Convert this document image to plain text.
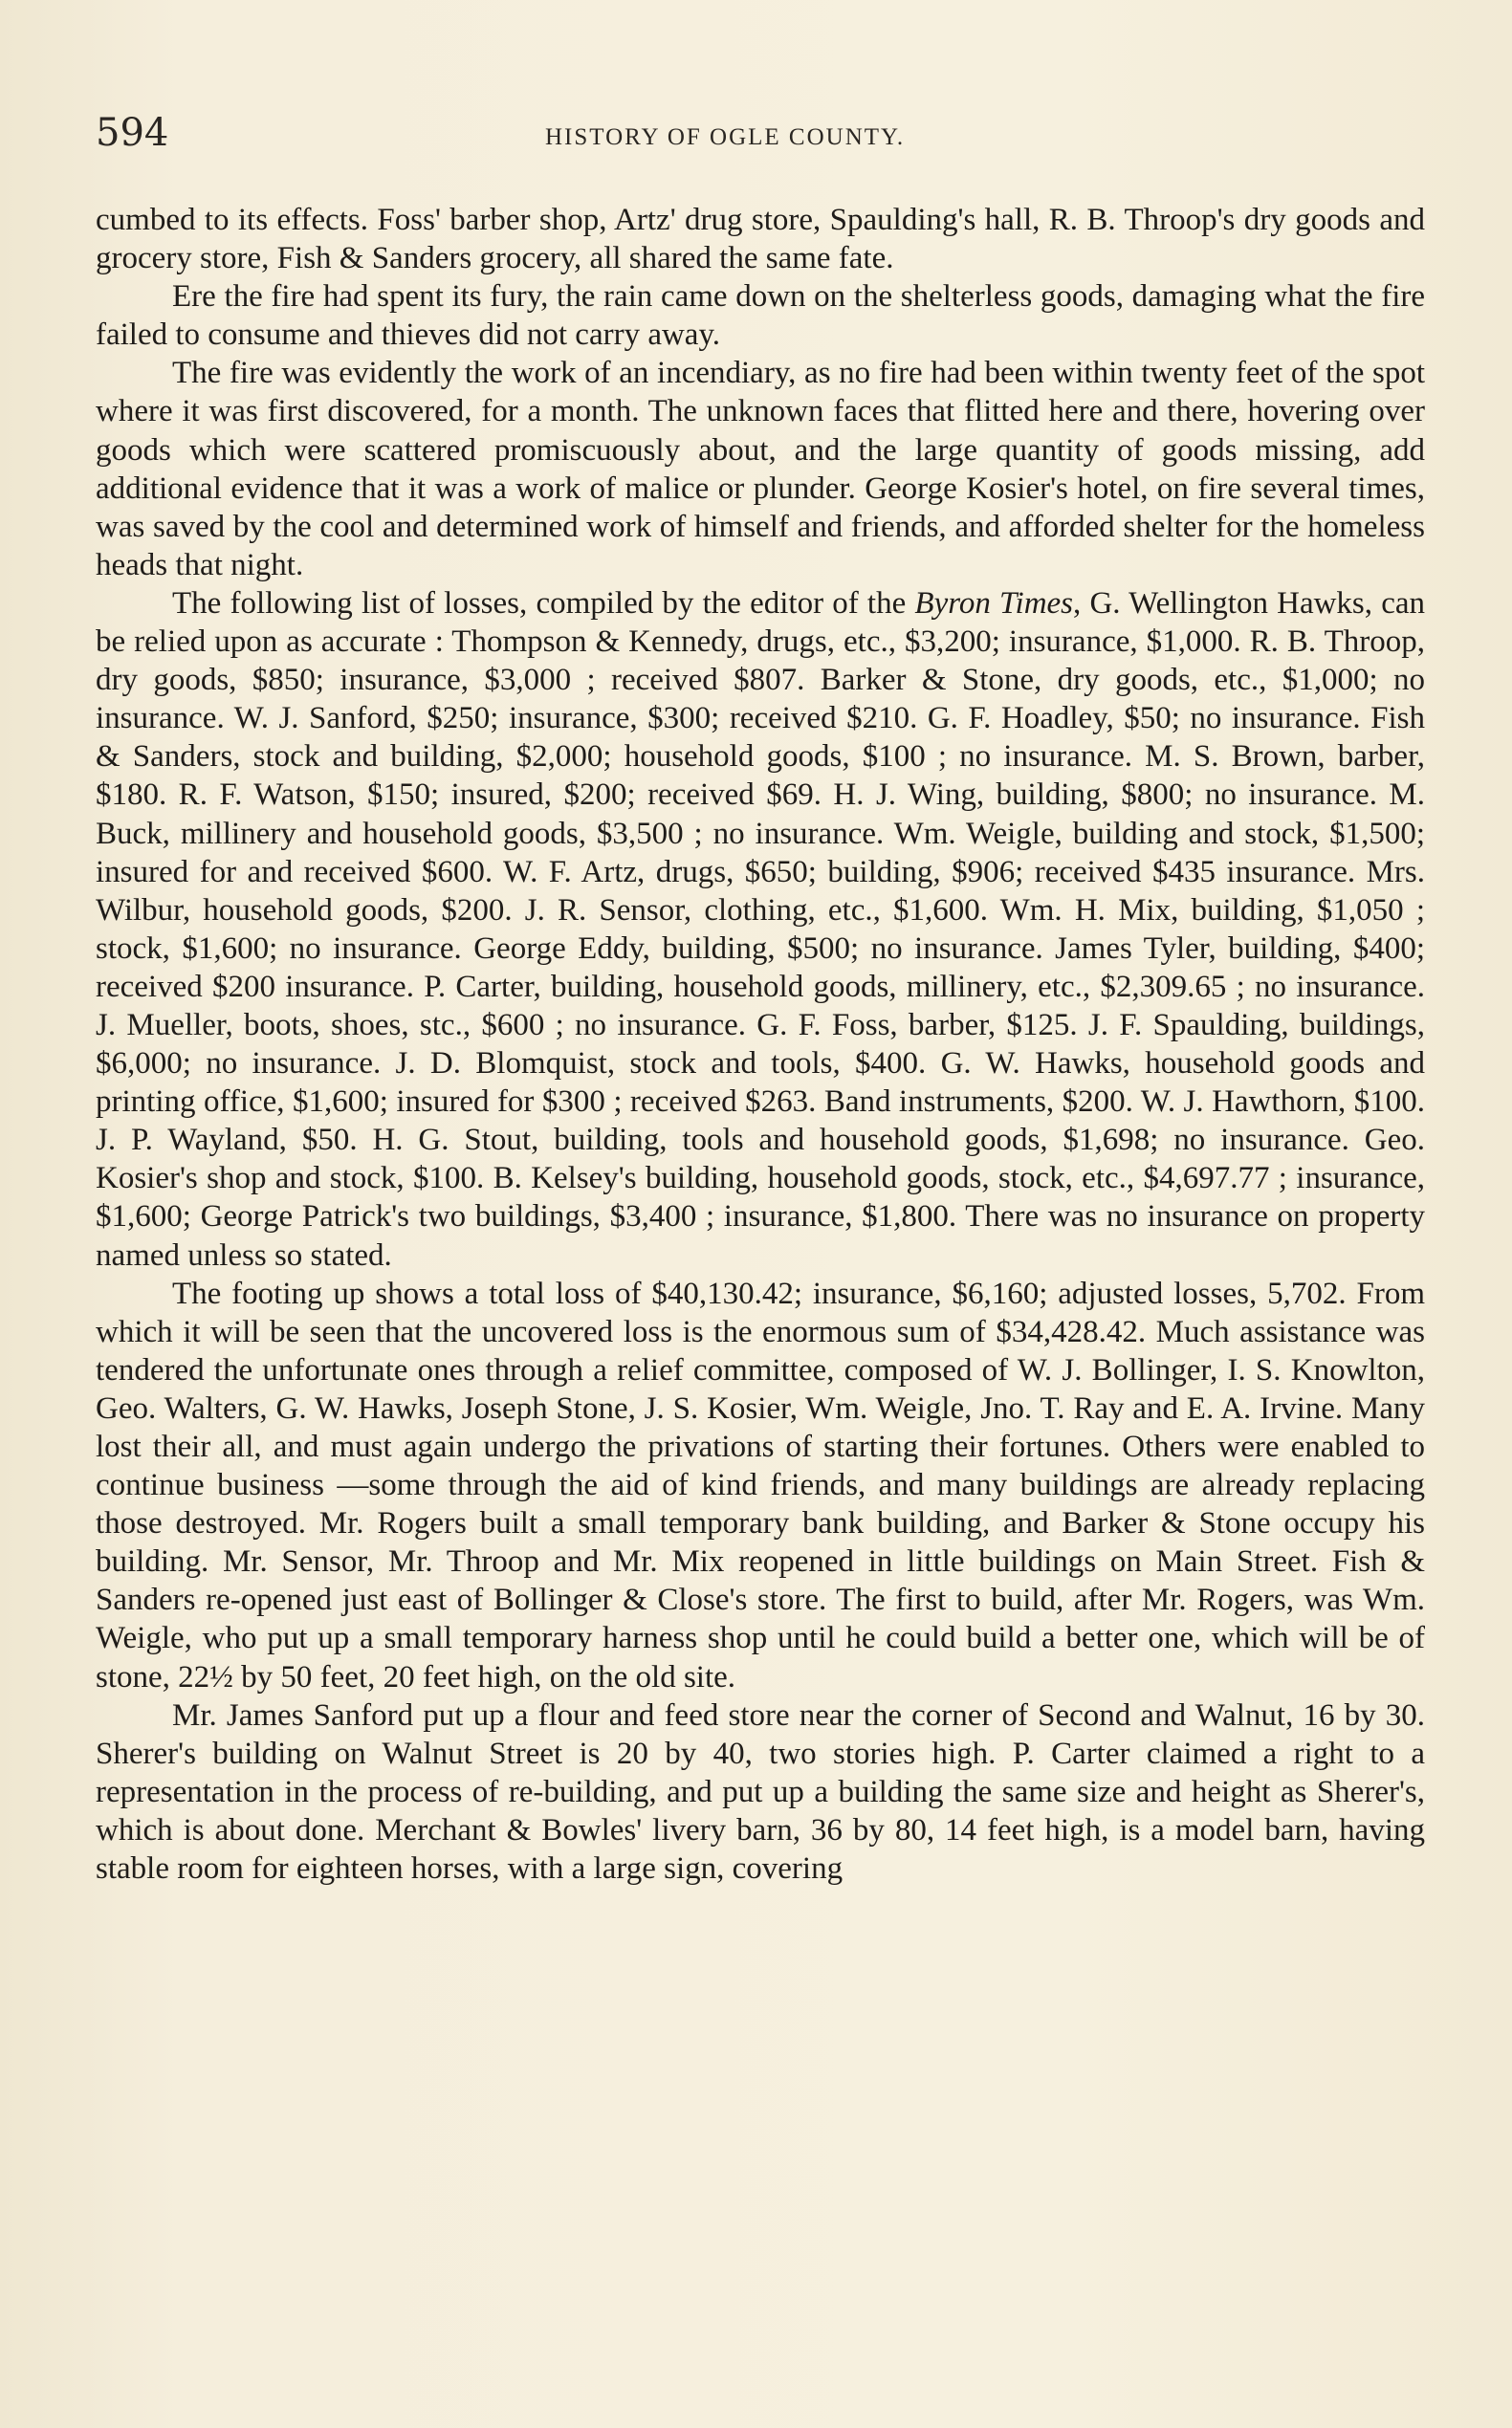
594	HISTORY OF OGLE COUNTY.

cumbed to its effects. Foss' barber shop, Artz' drug store, Spaulding's hall, R. B. Throop's dry goods and grocery store, Fish & Sanders grocery, all shared the same fate.

Ere the fire had spent its fury, the rain came down on the shelterless goods, damaging what the fire failed to consume and thieves did not carry away.

The fire was evidently the work of an incendiary, as no fire had been within twenty feet of the spot where it was first discovered, for a month. The unknown faces that flitted here and there, hovering over goods which were scattered promiscuously about, and the large quantity of goods missing, add additional evidence that it was a work of malice or plunder. George Kosier's hotel, on fire several times, was saved by the cool and determined work of himself and friends, and afforded shelter for the homeless heads that night.

The following list of losses, compiled by the editor of the Byron Times, G. Wellington Hawks, can be relied upon as accurate : Thompson & Kennedy, drugs, etc., $3,200; insurance, $1,000. R. B. Throop, dry goods, $850; insurance, $3,000 ; received $807. Barker & Stone, dry goods, etc., $1,000; no insurance. W. J. Sanford, $250; insurance, $300; received $210. G. F. Hoadley, $50; no insurance. Fish & Sanders, stock and building, $2,000; household goods, $100 ; no insurance. M. S. Brown, barber, $180. R. F. Watson, $150; insured, $200; received $69. H. J. Wing, building, $800; no insurance. M. Buck, millinery and household goods, $3,500 ; no insurance. Wm. Weigle, building and stock, $1,500; insured for and received $600. W. F. Artz, drugs, $650; building, $906; received $435 insurance. Mrs. Wilbur, household goods, $200. J. R. Sensor, clothing, etc., $1,600. Wm. H. Mix, building, $1,050 ; stock, $1,600; no insurance. George Eddy, building, $500; no insurance. James Tyler, building, $400; received $200 insurance. P. Carter, building, household goods, millinery, etc., $2,309.65 ; no insurance. J. Mueller, boots, shoes, stc., $600 ; no insurance. G. F. Foss, barber, $125. J. F. Spaulding, buildings, $6,000; no insurance. J. D. Blomquist, stock and tools, $400. G. W. Hawks, household goods and printing office, $1,600; insured for $300 ; received $263. Band instruments, $200. W. J. Hawthorn, $100. J. P. Wayland, $50. H. G. Stout, building, tools and household goods, $1,698; no insurance. Geo. Kosier's shop and stock, $100. B. Kelsey's building, household goods, stock, etc., $4,697.77 ; insurance, $1,600; George Patrick's two buildings, $3,400 ; insurance, $1,800. There was no insurance on property named unless so stated.

The footing up shows a total loss of $40,130.42; insurance, $6,160; adjusted losses, 5,702. From which it will be seen that the uncovered loss is the enormous sum of $34,428.42. Much assistance was tendered the unfortunate ones through a relief committee, composed of W. J. Bollinger, I. S. Knowlton, Geo. Walters, G. W. Hawks, Joseph Stone, J. S. Kosier, Wm. Weigle, Jno. T. Ray and E. A. Irvine. Many lost their all, and must again undergo the privations of starting their fortunes. Others were enabled to continue business —some through the aid of kind friends, and many buildings are already replacing those destroyed. Mr. Rogers built a small temporary bank building, and Barker & Stone occupy his building. Mr. Sensor, Mr. Throop and Mr. Mix reopened in little buildings on Main Street. Fish & Sanders re-opened just east of Bollinger & Close's store. The first to build, after Mr. Rogers, was Wm. Weigle, who put up a small temporary harness shop until he could build a better one, which will be of stone, 22½ by 50 feet, 20 feet high, on the old site.

Mr. James Sanford put up a flour and feed store near the corner of Second and Walnut, 16 by 30. Sherer's building on Walnut Street is 20 by 40, two stories high. P. Carter claimed a right to a representation in the process of re-building, and put up a building the same size and height as Sherer's, which is about done. Merchant & Bowles' livery barn, 36 by 80, 14 feet high, is a model barn, having stable room for eighteen horses, with a large sign, covering
